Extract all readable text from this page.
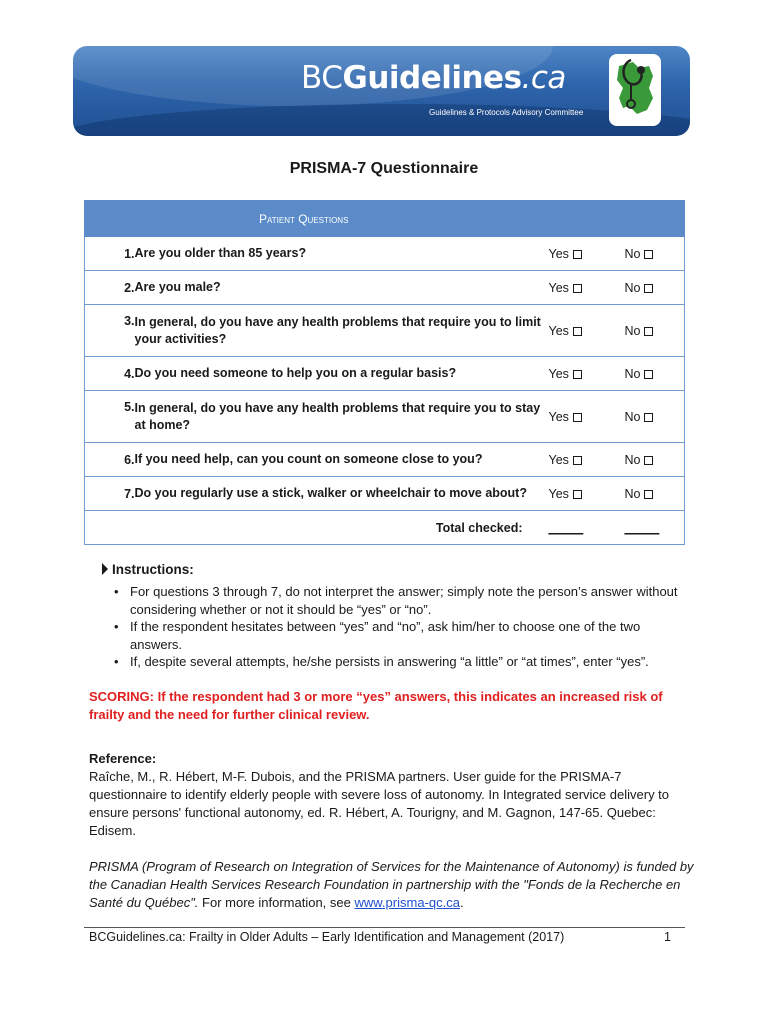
BCGuidelines.ca
Guidelines & Protocols Advisory Committee
PRISMA-7 Questionnaire
Patient Questions			
1.	Are you older than 85 years?	Yes	No
2.	Are you male?	Yes	No
3.	In general, do you have any health problems that require you to limit your activities?	Yes	No
4.	Do you need someone to help you on a regular basis?	Yes	No
5.	In general, do you have any health problems that require you to stay at home?	Yes	No
6.	If you need help, can you count on someone close to you?	Yes	No
7.	Do you regularly use a stick, walker or wheelchair to move about?	Yes	No
Total checked:		_____	_____
Instructions:
• For questions 3 through 7, do not interpret the answer; simply note the person’s answer without considering whether or not it should be “yes” or “no”.
• If the respondent hesitates between “yes” and “no”, ask him/her to choose one of the two answers.
• If, despite several attempts, he/she persists in answering “a little” or “at times”, enter “yes”.
SCORING: If the respondent had 3 or more “yes” answers, this indicates an increased risk of frailty and the need for further clinical review.
Reference:
Raîche, M., R. Hébert, M-F. Dubois, and the PRISMA partners. User guide for the PRISMA-7 questionnaire to identify elderly people with severe loss of autonomy. In Integrated service delivery to ensure persons' functional autonomy, ed. R. Hébert, A. Tourigny, and M. Gagnon, 147-65. Quebec: Edisem.
PRISMA (Program of Research on Integration of Services for the Maintenance of Autonomy) is funded by the Canadian Health Services Research Foundation in partnership with the "Fonds de la Recherche en Santé du Québec". For more information, see www.prisma-qc.ca.
BCGuidelines.ca: Frailty in Older Adults – Early Identification and Management (2017)	1
